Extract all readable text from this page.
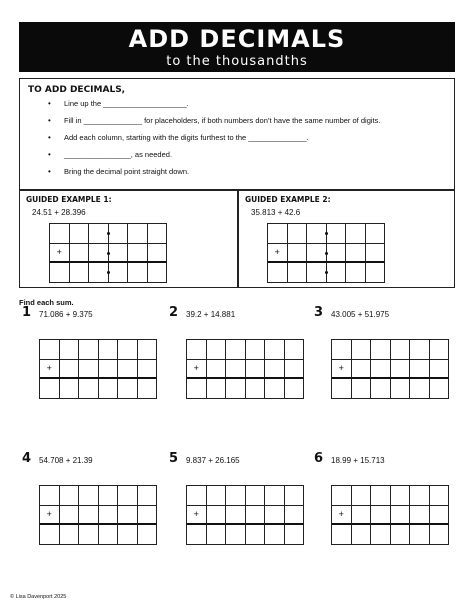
ADD DECIMALS
to the thousandths
TO ADD DECIMALS,
• Line up the ____________________.
• Fill in ______________ for placeholders, if both numbers don’t have the same number of digits.
• Add each column, starting with the digits furthest to the ______________.
• ________________, as needed.
• Bring the decimal point straight down.
GUIDED EXAMPLE 1:
24.51 + 28.396
+
GUIDED EXAMPLE 2:
35.813 + 42.6
+
Find each sum.
1 71.086 + 9.375
+
2 39.2 + 14.881
+
3 43.005 + 51.975
+
4 54.708 + 21.39
+
5 9.837 + 26.165
+
6 18.99 + 15.713
+
© Lisa Davenport 2025
